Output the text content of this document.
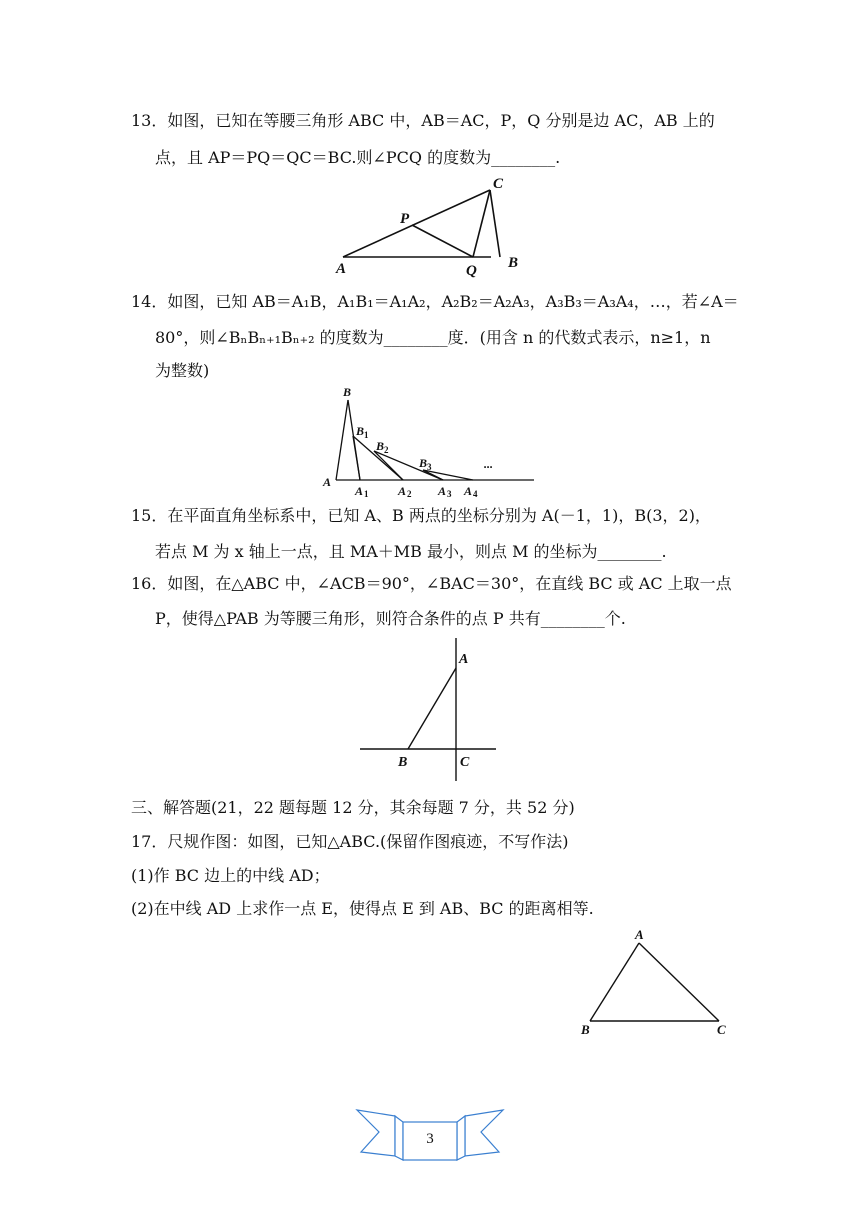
13．如图，已知在等腰三角形 ABC 中，AB＝AC，P，Q 分别是边 AC，AB 上的
点，且 AP＝PQ＝QC＝BC.则∠PCQ 的度数为________.
A	Q B
C
P
14．如图，已知 AB＝A₁B，A₁B₁＝A₁A₂，A₂B₂＝A₂A₃，A₃B₃＝A₃A₄，…，若∠A＝
80°，则∠BₙBₙ₊₁Bₙ₊₂ 的度数为________度．(用含 n 的代数式表示，n≥1，n
为整数)
B
B 1
B 2
B 3	...
A
A 1 A 2 A 3 A 4
15．在平面直角坐标系中，已知 A、B 两点的坐标分别为 A(－1，1)，B(3，2)，
若点 M 为 x 轴上一点，且 MA＋MB 最小，则点 M 的坐标为________.
16．如图，在△ABC 中，∠ACB＝90°，∠BAC＝30°，在直线 BC 或 AC 上取一点
P，使得△PAB 为等腰三角形，则符合条件的点 P 共有________个.
A
B	C
三、解答题(21，22 题每题 12 分，其余每题 7 分，共 52 分)
17．尺规作图：如图，已知△ABC.(保留作图痕迹，不写作法)
(1)作 BC 边上的中线 AD；
(2)在中线 AD 上求作一点 E，使得点 E 到 AB、BC 的距离相等.
A
B	C
3
